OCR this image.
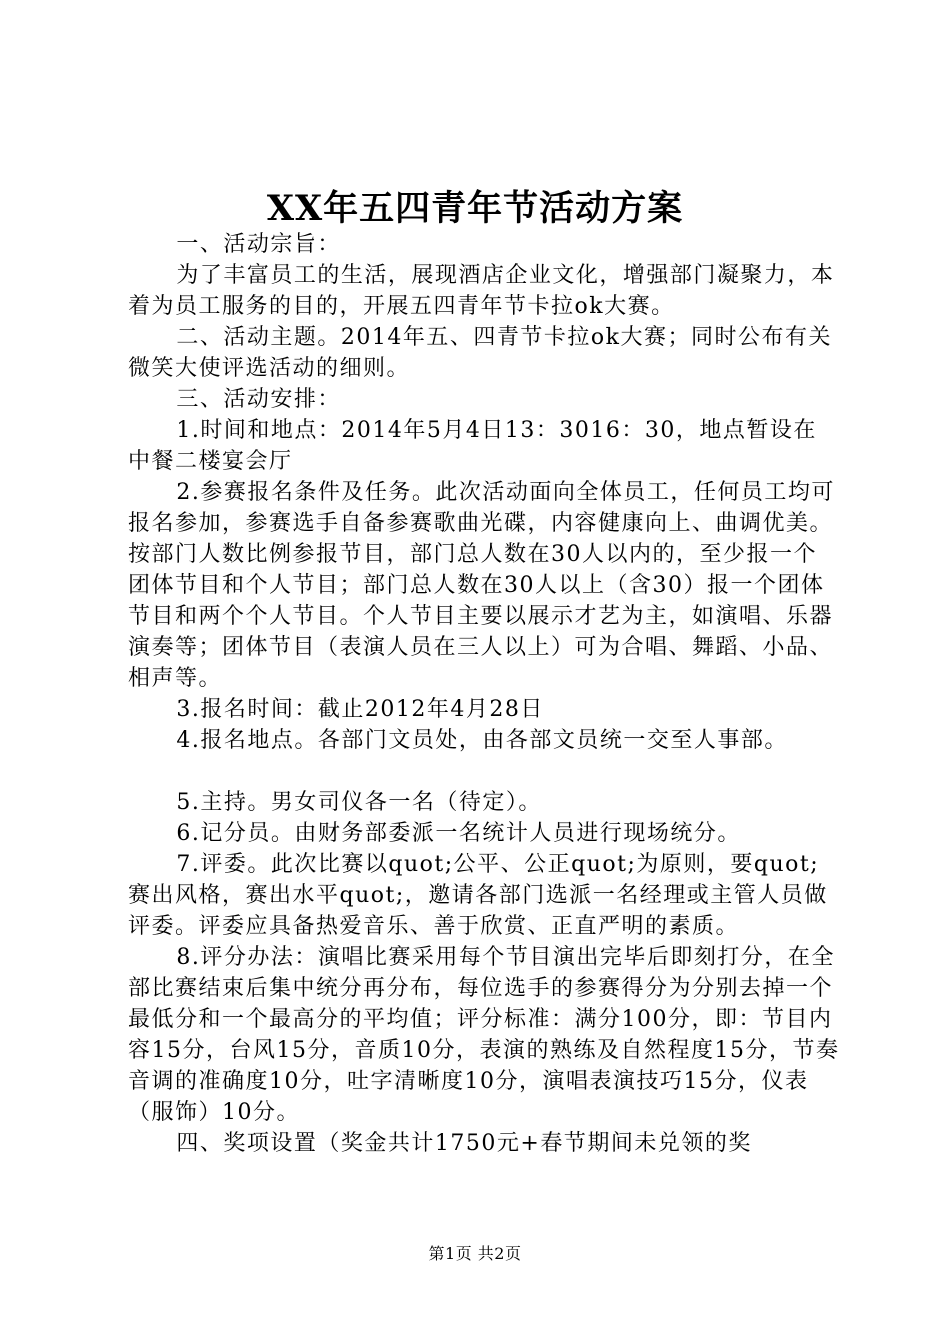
XX年五四青年节活动方案

一、活动宗旨：

为了丰富员工的生活，展现酒店企业文化，增强部门凝聚力，本着为员工服务的目的，开展五四青年节卡拉ok大赛。

二、活动主题。2014年五、四青节卡拉ok大赛；同时公布有关微笑大使评选活动的细则。

三、活动安排：

1.时间和地点：2014年5月4日13：3016：30，地点暂设在中餐二楼宴会厅

2.参赛报名条件及任务。此次活动面向全体员工，任何员工均可报名参加，参赛选手自备参赛歌曲光碟，内容健康向上、曲调优美。按部门人数比例参报节目，部门总人数在30人以内的，至少报一个团体节目和个人节目；部门总人数在30人以上（含30）报一个团体节目和两个个人节目。个人节目主要以展示才艺为主，如演唱、乐器演奏等；团体节目（表演人员在三人以上）可为合唱、舞蹈、小品、相声等。

3.报名时间：截止2012年4月28日

4.报名地点。各部门文员处，由各部文员统一交至人事部。

5.主持。男女司仪各一名（待定）。

6.记分员。由财务部委派一名统计人员进行现场统分。

7.评委。此次比赛以quot;公平、公正quot;为原则，要quot;赛出风格，赛出水平quot;，邀请各部门选派一名经理或主管人员做评委。评委应具备热爱音乐、善于欣赏、正直严明的素质。

8.评分办法：演唱比赛采用每个节目演出完毕后即刻打分，在全部比赛结束后集中统分再分布，每位选手的参赛得分为分别去掉一个最低分和一个最高分的平均值；评分标准：满分100分，即：节目内容15分，台风15分，音质10分，表演的熟练及自然程度15分，节奏音调的准确度10分，吐字清晰度10分，演唱表演技巧15分，仪表（服饰）10分。

四、奖项设置（奖金共计1750元+春节期间未兑领的奖

第1页 共2页
